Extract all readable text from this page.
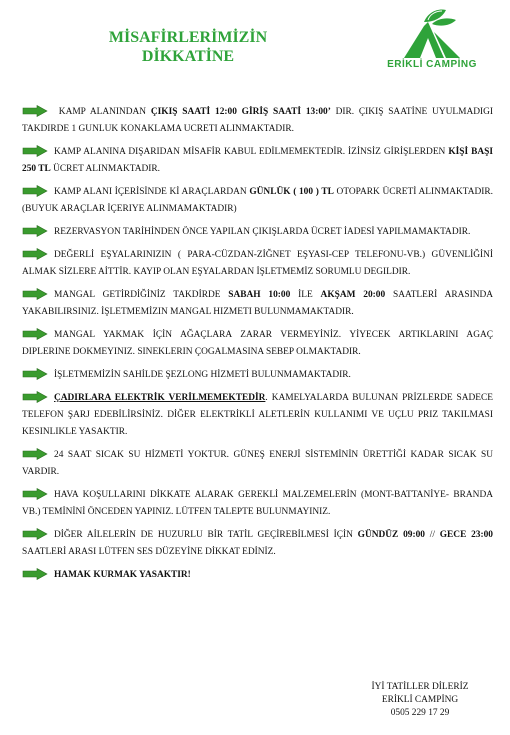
MİSAFİRLERİMİZİN
DİKKATİNE	ERİKLİ CAMPİNG

KAMP ALANINDAN ÇIKIŞ SAATİ 12:00 GİRİŞ SAATİ 13:00’ DIR. ÇIKIŞ SAATİNE UYULMADIGI TAKDIRDE 1 GUNLUK KONAKLAMA UCRETI ALINMAKTADIR.

KAMP ALANINA DIŞARIDAN MİSAFİR KABUL EDİLMEMEKTEDİR. İZİNSİZ GİRİŞLERDEN KİŞİ BAŞI 250 TL ÜCRET ALINMAKTADIR.

KAMP ALANI İÇERİSİNDE Kİ ARAÇLARDAN GÜNLÜK ( 100 ) TL OTOPARK ÜCRETİ ALINMAKTADIR. (BUYUK ARAÇLAR İÇERIYE ALINMAMAKTADIR)

REZERVASYON TARİHİNDEN ÖNCE YAPILAN ÇIKIŞLARDA ÜCRET İADESİ YAPILMAMAKTADIR.

DEĞERLİ EŞYALARINIZIN ( PARA-CÜZDAN-ZİĞNET EŞYASI-CEP TELEFONU-VB.) GÜVENLİĞİNİ ALMAK SİZLERE AİTTİR. KAYIP OLAN EŞYALARDAN İŞLETMEMİZ SORUMLU DEGILDIR.

MANGAL GETİRDİĞİNİZ TAKDİRDE SABAH 10:00 İLE AKŞAM 20:00 SAATLERİ ARASINDA YAKABILIRSINIZ. İŞLETMEMİZIN MANGAL HIZMETI BULUNMAMAKTADIR.

MANGAL YAKMAK İÇİN AĞAÇLARA ZARAR VERMEYİNİZ. YİYECEK ARTIKLARINI AGAÇ DIPLERINE DOKMEYINIZ. SINEKLERIN ÇOGALMASINA SEBEP OLMAKTADIR.

İŞLETMEMİZİN SAHİLDE ŞEZLONG HİZMETİ BULUNMAMAKTADIR.

ÇADIRLARA ELEKTRİK VERİLMEMEKTEDİR. KAMELYALARDA BULUNAN PRİZLERDE SADECE TELEFON ŞARJ EDEBİLİRSİNİZ. DİĞER ELEKTRİKLİ ALETLERİN KULLANIMI VE UÇLU PRIZ TAKILMASI KESINLIKLE YASAKTIR.

24 SAAT SICAK SU HİZMETİ YOKTUR. GÜNEŞ ENERJİ SİSTEMİNİN ÜRETTİĞİ KADAR SICAK SU VARDIR.

HAVA KOŞULLARINI DİKKATE ALARAK GEREKLİ MALZEMELERİN (MONT-BATTANİYE- BRANDA VB.) TEMİNİNİ ÖNCEDEN YAPINIZ. LÜTFEN TALEPTE BULUNMAYINIZ.

DİĞER AİLELERİN DE HUZURLU BİR TATİL GEÇİREBİLMESİ İÇİN GÜNDÜZ 09:00 // GECE 23:00 SAATLERİ ARASI LÜTFEN SES DÜZEYİNE DİKKAT EDİNİZ.

HAMAK KURMAK YASAKTIR!

İYİ TATİLLER DİLERİZ
ERİKLİ CAMPİNG
0505 229 17 29
